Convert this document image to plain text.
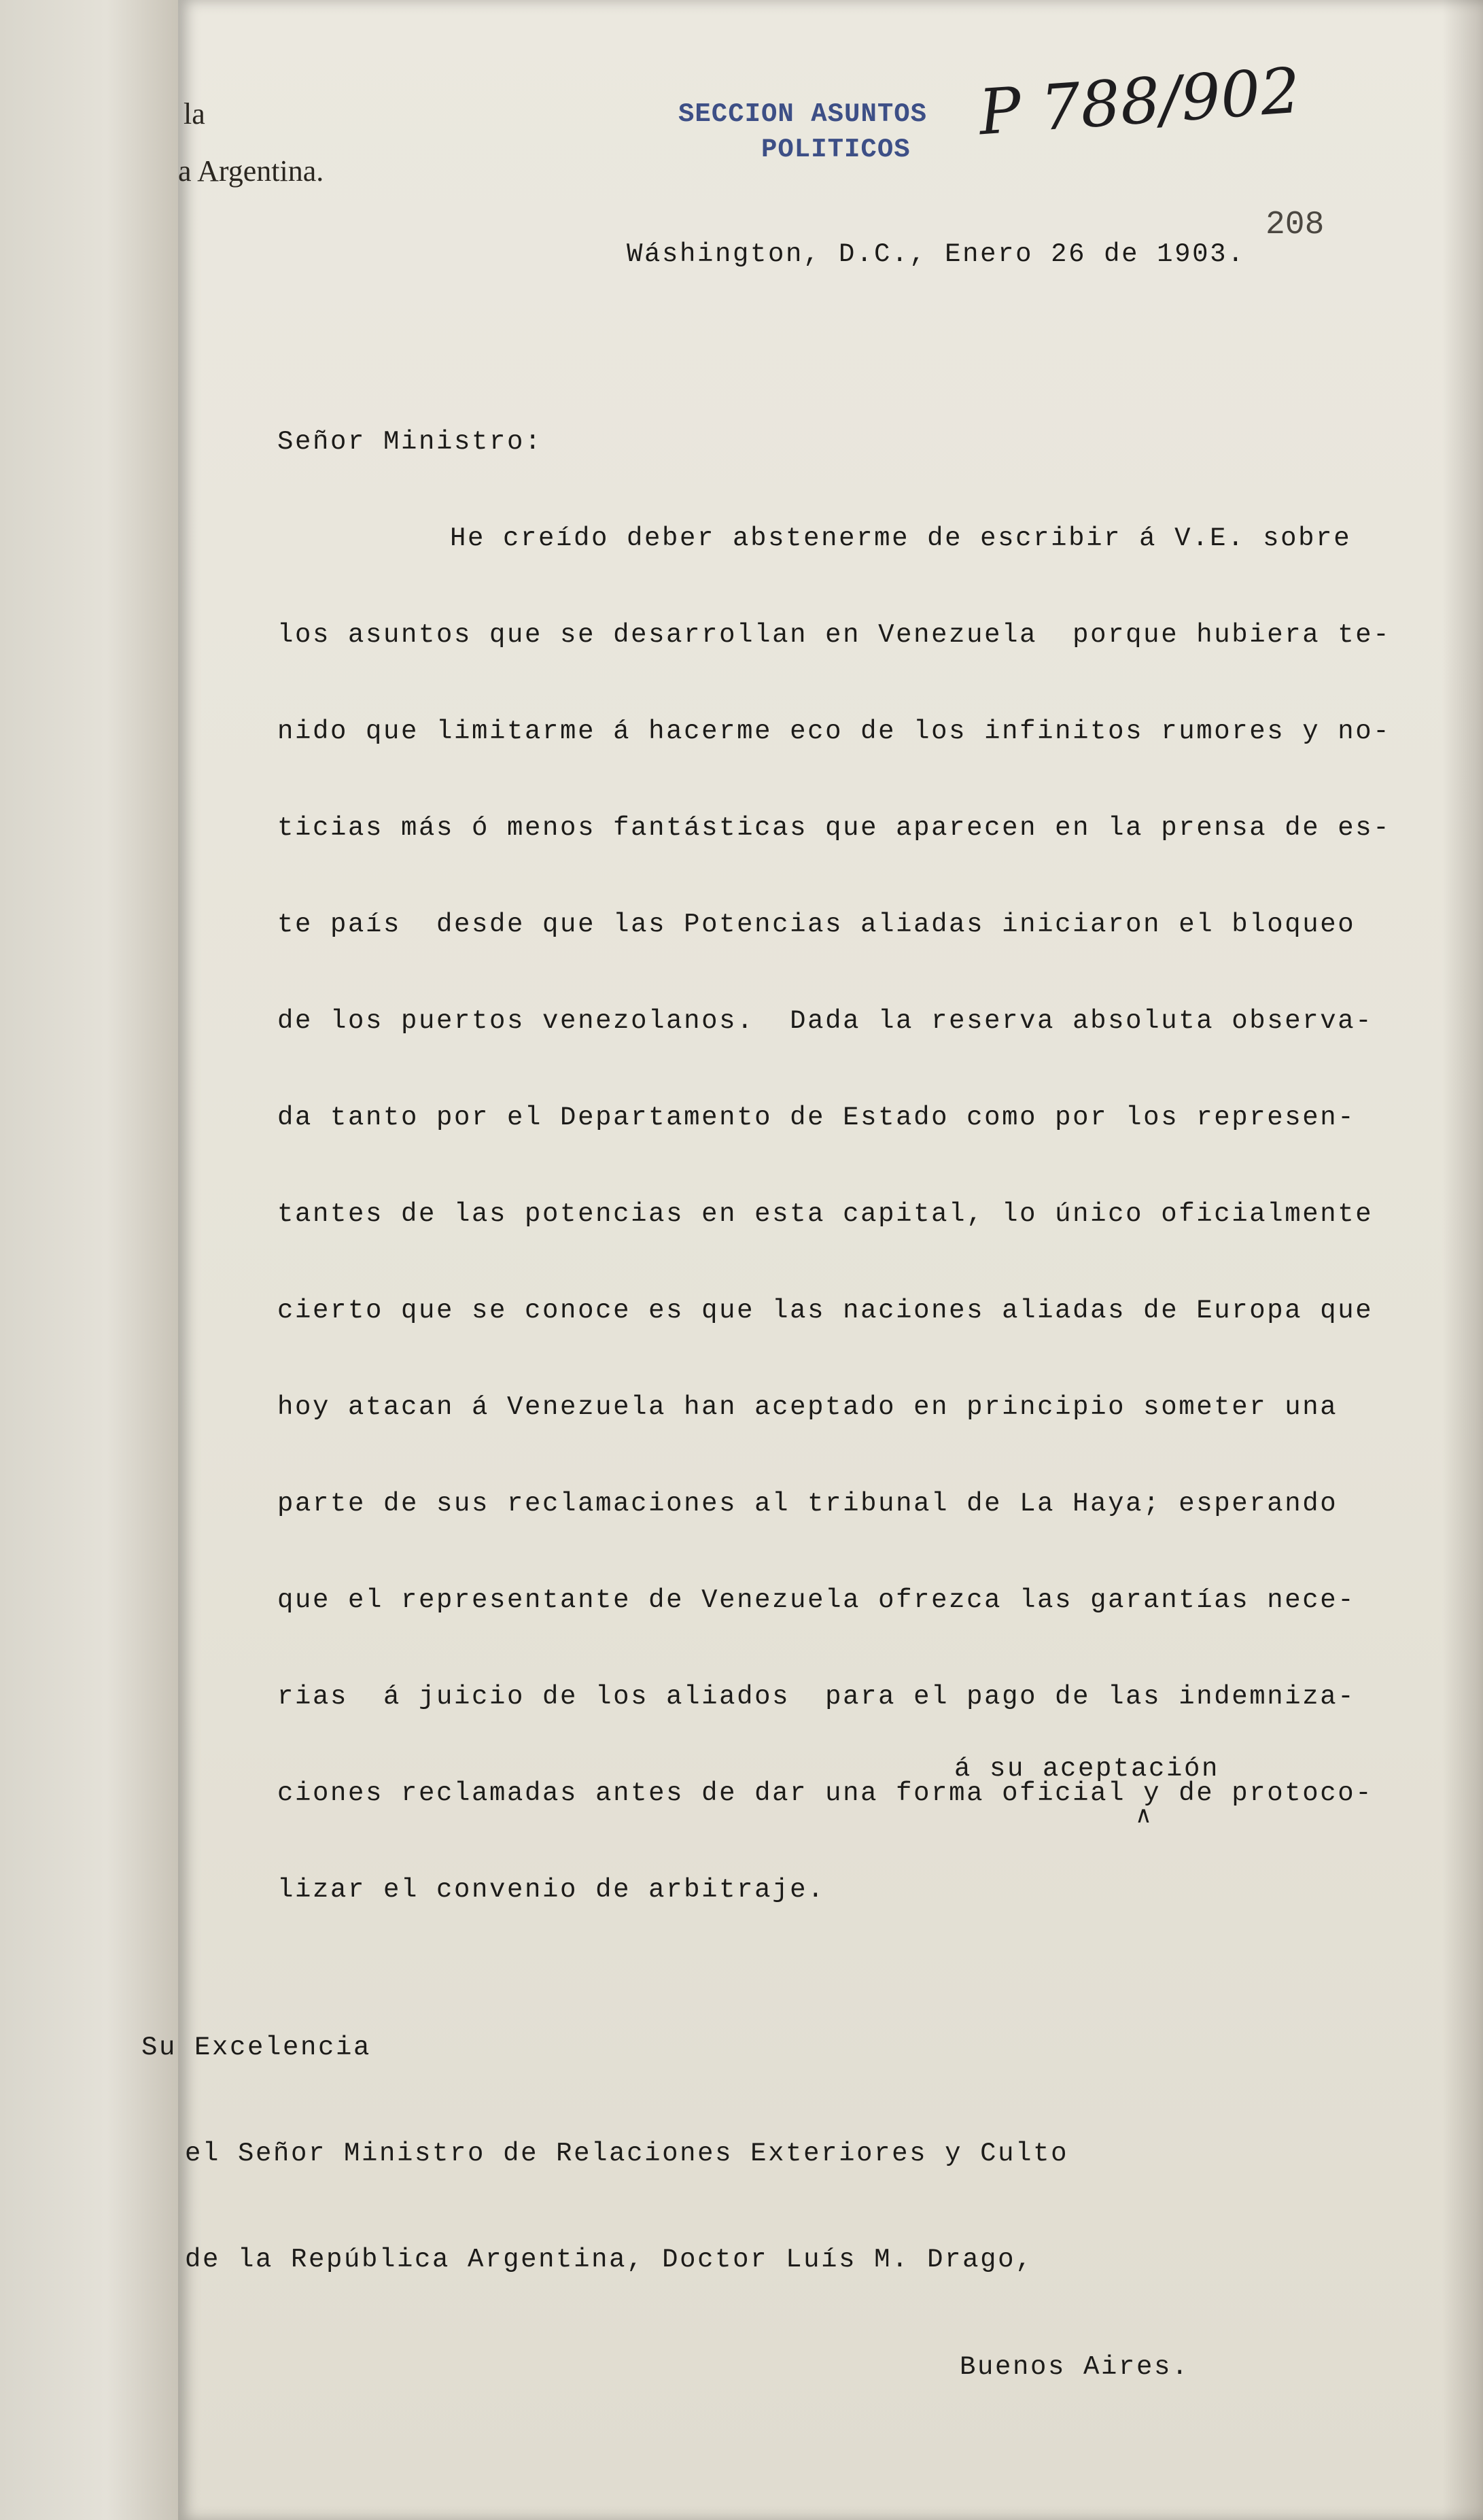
la
a Argentina.
SECCION ASUNTOS
POLITICOS
P 788/902
208
Wáshington, D.C., Enero 26 de 1903.
Señor Ministro:
He creído deber abstenerme de escribir á V.E. sobre
los asuntos que se desarrollan en Venezuela  porque hubiera te-
nido que limitarme á hacerme eco de los infinitos rumores y no-
ticias más ó menos fantásticas que aparecen en la prensa de es-
te país  desde que las Potencias aliadas iniciaron el bloqueo
de los puertos venezolanos.  Dada la reserva absoluta observa-
da tanto por el Departamento de Estado como por los represen-
tantes de las potencias en esta capital, lo único oficialmente
cierto que se conoce es que las naciones aliadas de Europa que
hoy atacan á Venezuela han aceptado en principio someter una
parte de sus reclamaciones al tribunal de La Haya; esperando
que el representante de Venezuela ofrezca las garantías nece-
rias  á juicio de los aliados  para el pago de las indemniza-
á su aceptación
∧
ciones reclamadas antes de dar una forma oficial y de protoco-
lizar el convenio de arbitraje.
Su Excelencia
el Señor Ministro de Relaciones Exteriores y Culto
de la República Argentina, Doctor Luís M. Drago,
Buenos Aires.
